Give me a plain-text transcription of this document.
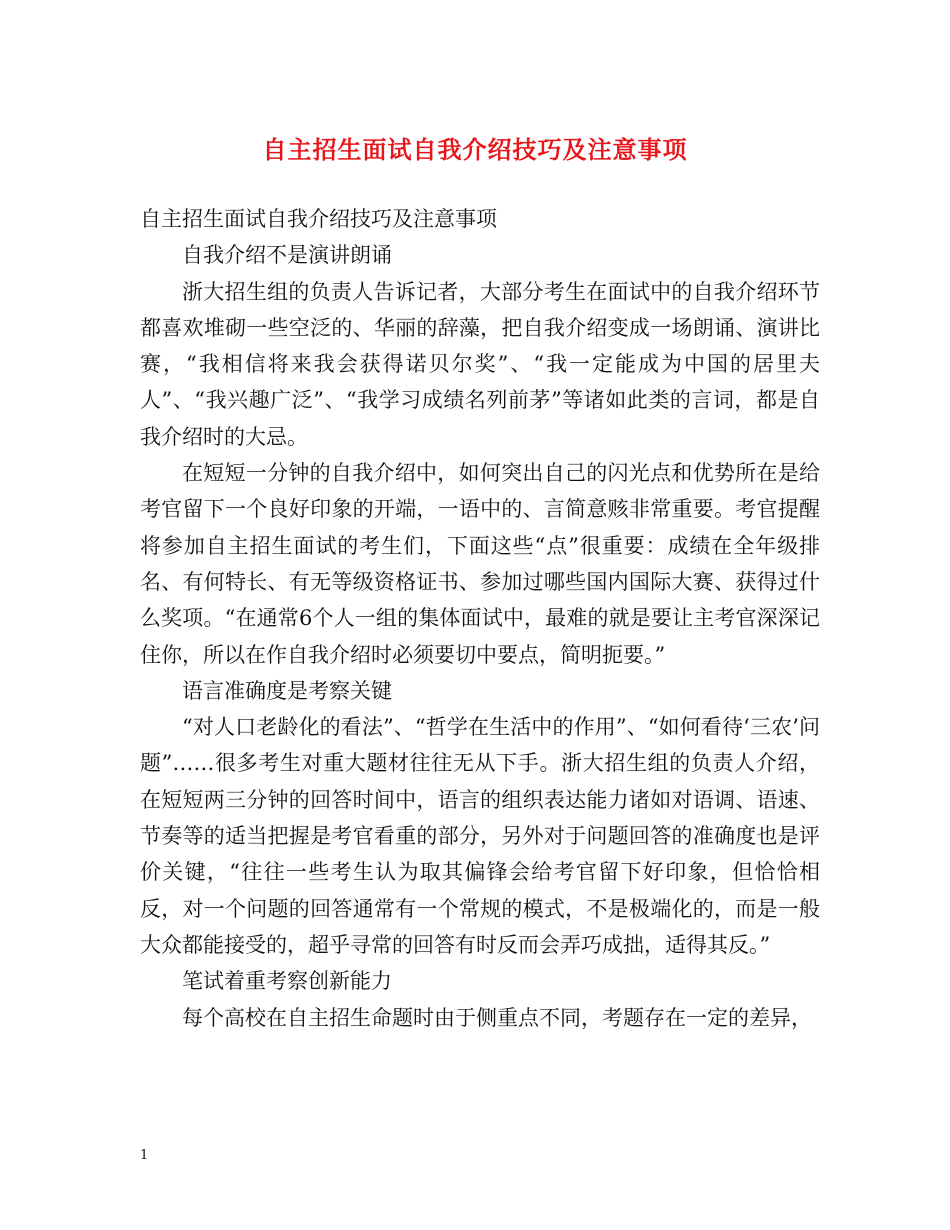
自主招生面试自我介绍技巧及注意事项

自主招生面试自我介绍技巧及注意事项

自我介绍不是演讲朗诵

浙大招生组的负责人告诉记者，大部分考生在面试中的自我介绍环节都喜欢堆砌一些空泛的、华丽的辞藻，把自我介绍变成一场朗诵、演讲比赛，“我相信将来我会获得诺贝尔奖”、“我一定能成为中国的居里夫人”、“我兴趣广泛”、“我学习成绩名列前茅”等诸如此类的言词，都是自我介绍时的大忌。

在短短一分钟的自我介绍中，如何突出自己的闪光点和优势所在是给考官留下一个良好印象的开端，一语中的、言简意赅非常重要。考官提醒将参加自主招生面试的考生们，下面这些“点”很重要：成绩在全年级排名、有何特长、有无等级资格证书、参加过哪些国内国际大赛、获得过什么奖项。“在通常6个人一组的集体面试中，最难的就是要让主考官深深记住你，所以在作自我介绍时必须要切中要点，简明扼要。”

语言准确度是考察关键

“对人口老龄化的看法”、“哲学在生活中的作用”、“如何看待‘三农’问题”……很多考生对重大题材往往无从下手。浙大招生组的负责人介绍，在短短两三分钟的回答时间中，语言的组织表达能力诸如对语调、语速、节奏等的适当把握是考官看重的部分，另外对于问题回答的准确度也是评价关键，“往往一些考生认为取其偏锋会给考官留下好印象，但恰恰相反，对一个问题的回答通常有一个常规的模式，不是极端化的，而是一般大众都能接受的，超乎寻常的回答有时反而会弄巧成拙，适得其反。”

笔试着重考察创新能力

每个高校在自主招生命题时由于侧重点不同，考题存在一定的差异，

1
